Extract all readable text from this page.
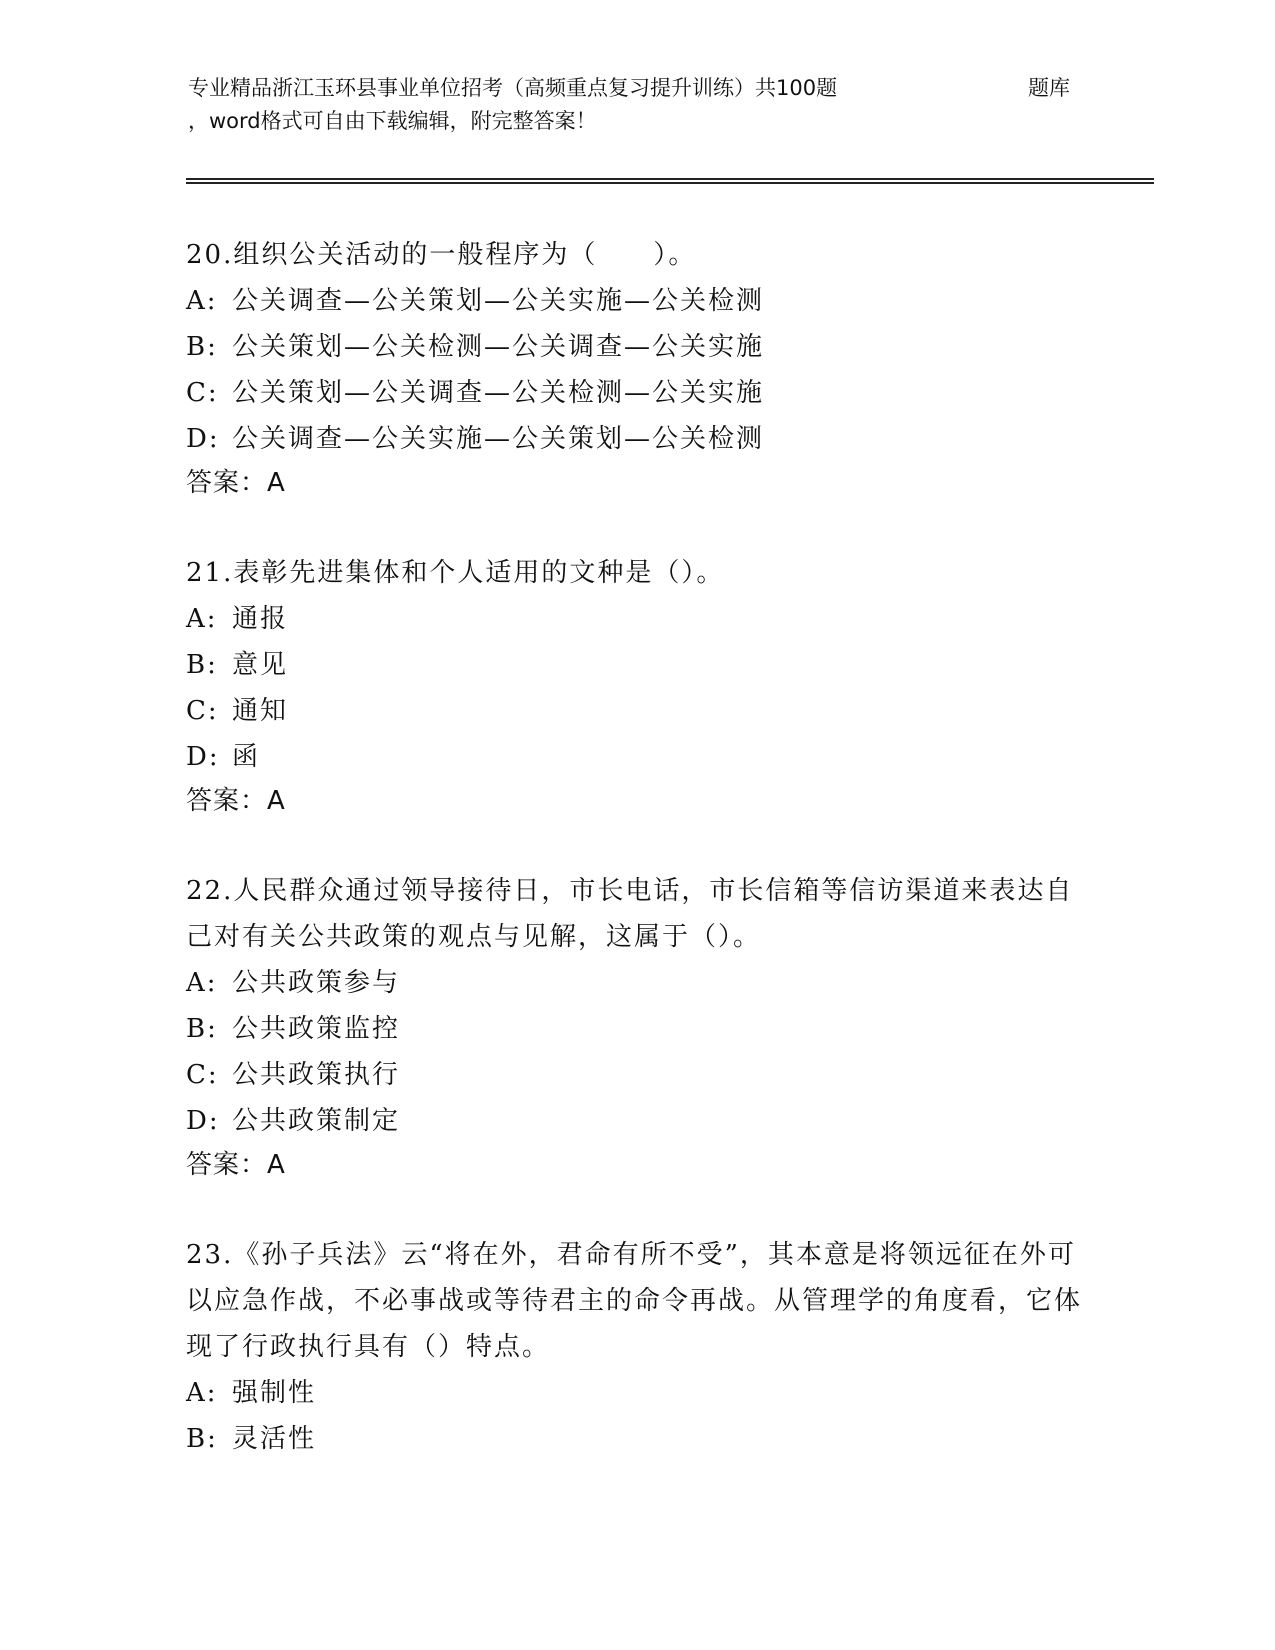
专业精品浙江玉环县事业单位招考（高频重点复习提升训练）共100题	题库
，word格式可自由下载编辑，附完整答案！
20.组织公关活动的一般程序为（　　）。
A: 公关调查—公关策划—公关实施—公关检测
B: 公关策划—公关检测—公关调查—公关实施
C: 公关策划—公关调查—公关检测—公关实施
D: 公关调查—公关实施—公关策划—公关检测
答案：A
21.表彰先进集体和个人适用的文种是（）。
A: 通报
B: 意见
C: 通知
D: 函
答案：A
22.人民群众通过领导接待日，市长电话，市长信箱等信访渠道来表达自己对有关公共政策的观点与见解，这属于（）。
A: 公共政策参与
B: 公共政策监控
C: 公共政策执行
D: 公共政策制定
答案：A
23.《孙子兵法》云“将在外，君命有所不受”，其本意是将领远征在外可以应急作战，不必事战或等待君主的命令再战。从管理学的角度看，它体现了行政执行具有（）特点。
A: 强制性
B: 灵活性
